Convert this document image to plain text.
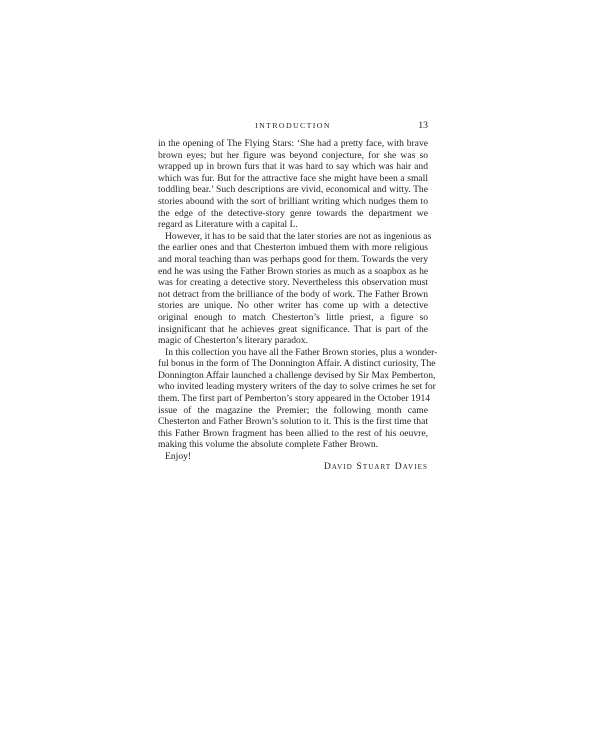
INTRODUCTION	13
in the opening of The Flying Stars: ‘She had a pretty face, with brave
brown eyes; but her figure was beyond conjecture, for she was so
wrapped up in brown furs that it was hard to say which was hair and
which was fur. But for the attractive face she might have been a small
toddling bear.’ Such descriptions are vivid, economical and witty. The
stories abound with the sort of brilliant writing which nudges them to
the edge of the detective-story genre towards the department we
regard as Literature with a capital L.
However, it has to be said that the later stories are not as ingenious as
the earlier ones and that Chesterton imbued them with more religious
and moral teaching than was perhaps good for them. Towards the very
end he was using the Father Brown stories as much as a soapbox as he
was for creating a detective story. Nevertheless this observation must
not detract from the brilliance of the body of work. The Father Brown
stories are unique. No other writer has come up with a detective
original enough to match Chesterton’s little priest, a figure so
insignificant that he achieves great significance. That is part of the
magic of Chesterton’s literary paradox.
In this collection you have all the Father Brown stories, plus a wonder-
ful bonus in the form of The Donnington Affair. A distinct curiosity, The
Donnington Affair launched a challenge devised by Sir Max Pemberton,
who invited leading mystery writers of the day to solve crimes he set for
them. The first part of Pemberton’s story appeared in the October 1914
issue of the magazine the Premier; the following month came
Chesterton and Father Brown’s solution to it. This is the first time that
this Father Brown fragment has been allied to the rest of his oeuvre,
making this volume the absolute complete Father Brown.
Enjoy!
David Stuart Davies
